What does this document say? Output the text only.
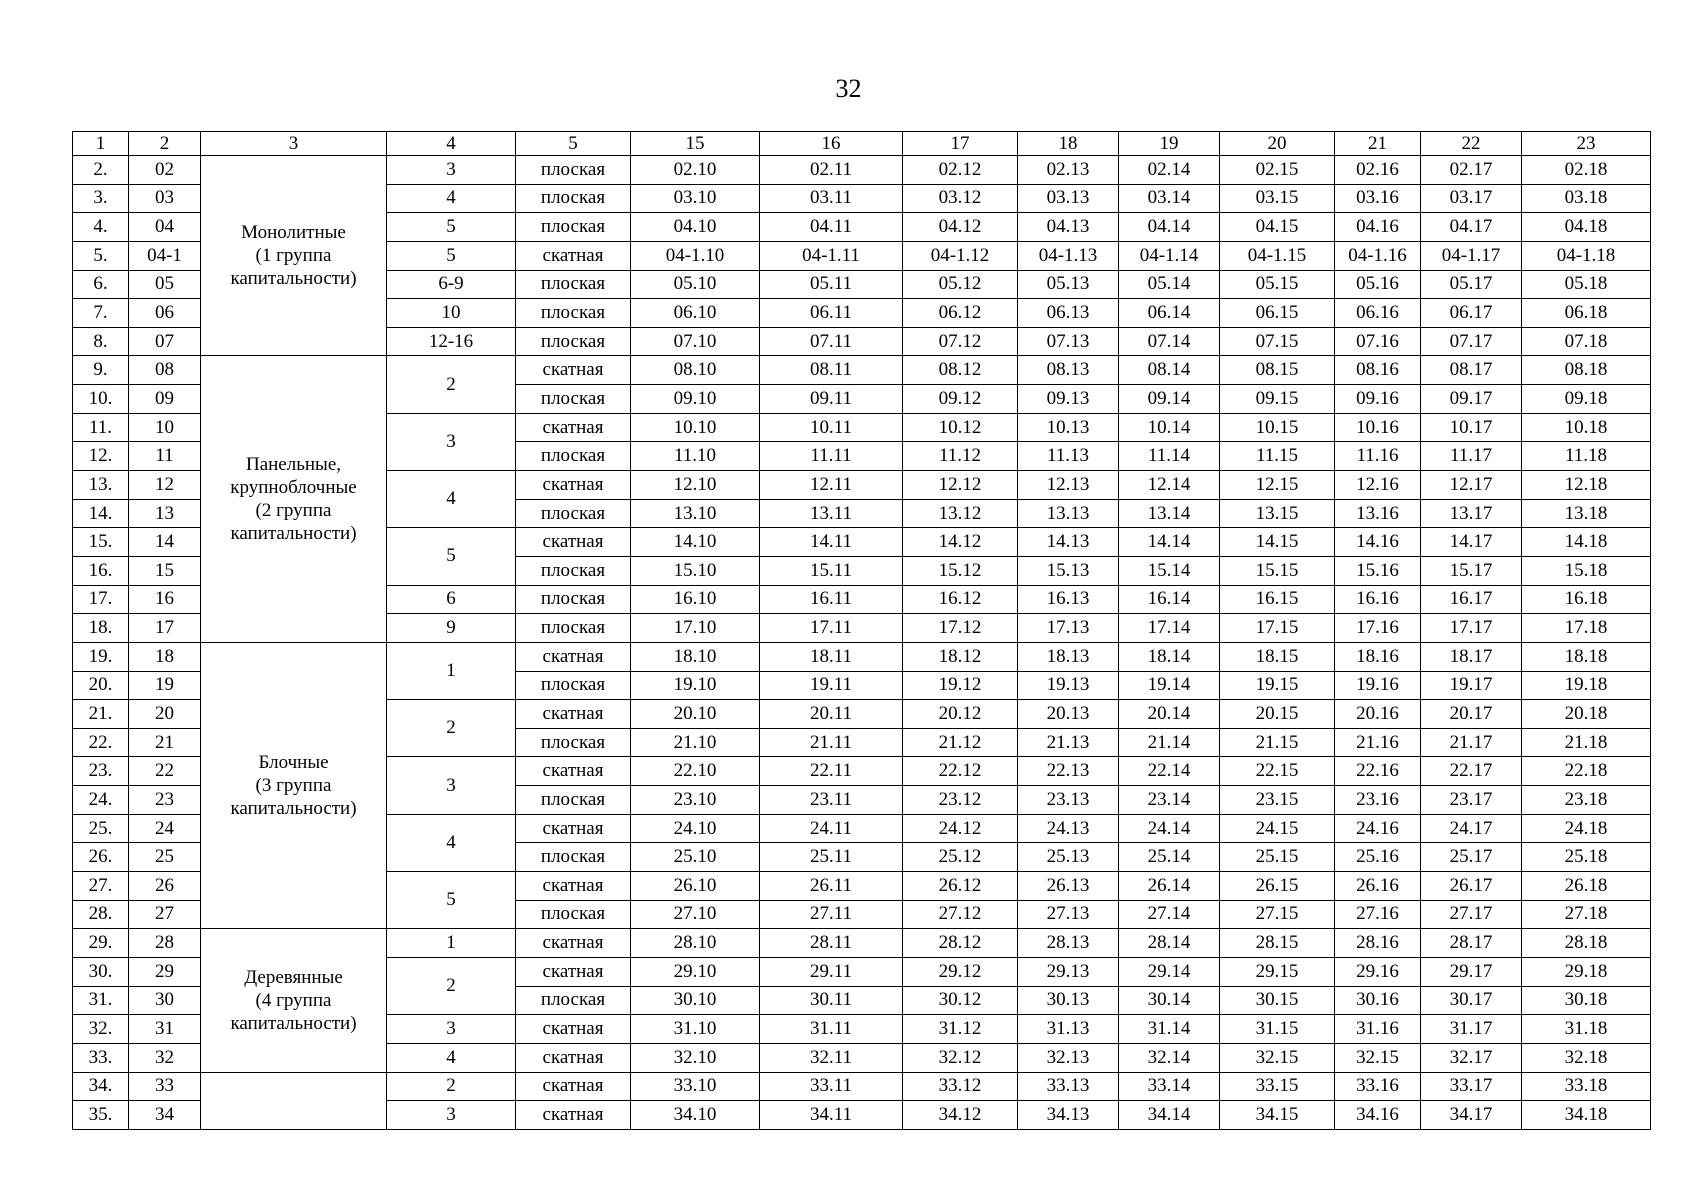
32
1	2	3	4	5	15	16	17	18	19	20	21	22	23
2.	02	Монолитные
(1 группа
капитальности)	3	плоская	02.10	02.11	02.12	02.13	02.14	02.15	02.16	02.17	02.18
3.	03		4	плоская	03.10	03.11	03.12	03.13	03.14	03.15	03.16	03.17	03.18
4.	04		5	плоская	04.10	04.11	04.12	04.13	04.14	04.15	04.16	04.17	04.18
5.	04-1		5	скатная	04-1.10	04-1.11	04-1.12	04-1.13	04-1.14	04-1.15	04-1.16	04-1.17	04-1.18
6.	05		6-9	плоская	05.10	05.11	05.12	05.13	05.14	05.15	05.16	05.17	05.18
7.	06		10	плоская	06.10	06.11	06.12	06.13	06.14	06.15	06.16	06.17	06.18
8.	07		12-16	плоская	07.10	07.11	07.12	07.13	07.14	07.15	07.16	07.17	07.18
9.	08	Панельные,
крупноблочные
(2 группа
капитальности)	2	скатная	08.10	08.11	08.12	08.13	08.14	08.15	08.16	08.17	08.18
10.	09			плоская	09.10	09.11	09.12	09.13	09.14	09.15	09.16	09.17	09.18
11.	10		3	скатная	10.10	10.11	10.12	10.13	10.14	10.15	10.16	10.17	10.18
12.	11			плоская	11.10	11.11	11.12	11.13	11.14	11.15	11.16	11.17	11.18
13.	12		4	скатная	12.10	12.11	12.12	12.13	12.14	12.15	12.16	12.17	12.18
14.	13			плоская	13.10	13.11	13.12	13.13	13.14	13.15	13.16	13.17	13.18
15.	14		5	скатная	14.10	14.11	14.12	14.13	14.14	14.15	14.16	14.17	14.18
16.	15			плоская	15.10	15.11	15.12	15.13	15.14	15.15	15.16	15.17	15.18
17.	16		6	плоская	16.10	16.11	16.12	16.13	16.14	16.15	16.16	16.17	16.18
18.	17		9	плоская	17.10	17.11	17.12	17.13	17.14	17.15	17.16	17.17	17.18
19.	18	Блочные
(3 группа
капитальности)	1	скатная	18.10	18.11	18.12	18.13	18.14	18.15	18.16	18.17	18.18
20.	19			плоская	19.10	19.11	19.12	19.13	19.14	19.15	19.16	19.17	19.18
21.	20		2	скатная	20.10	20.11	20.12	20.13	20.14	20.15	20.16	20.17	20.18
22.	21			плоская	21.10	21.11	21.12	21.13	21.14	21.15	21.16	21.17	21.18
23.	22		3	скатная	22.10	22.11	22.12	22.13	22.14	22.15	22.16	22.17	22.18
24.	23			плоская	23.10	23.11	23.12	23.13	23.14	23.15	23.16	23.17	23.18
25.	24		4	скатная	24.10	24.11	24.12	24.13	24.14	24.15	24.16	24.17	24.18
26.	25			плоская	25.10	25.11	25.12	25.13	25.14	25.15	25.16	25.17	25.18
27.	26		5	скатная	26.10	26.11	26.12	26.13	26.14	26.15	26.16	26.17	26.18
28.	27			плоская	27.10	27.11	27.12	27.13	27.14	27.15	27.16	27.17	27.18
29.	28	Деревянные
(4 группа
капитальности)	1	скатная	28.10	28.11	28.12	28.13	28.14	28.15	28.16	28.17	28.18
30.	29		2	скатная	29.10	29.11	29.12	29.13	29.14	29.15	29.16	29.17	29.18
31.	30			плоская	30.10	30.11	30.12	30.13	30.14	30.15	30.16	30.17	30.18
32.	31		3	скатная	31.10	31.11	31.12	31.13	31.14	31.15	31.16	31.17	31.18
33.	32		4	скатная	32.10	32.11	32.12	32.13	32.14	32.15	32.15	32.17	32.18
34.	33		2	скатная	33.10	33.11	33.12	33.13	33.14	33.15	33.16	33.17	33.18
35.	34		3	скатная	34.10	34.11	34.12	34.13	34.14	34.15	34.16	34.17	34.18
